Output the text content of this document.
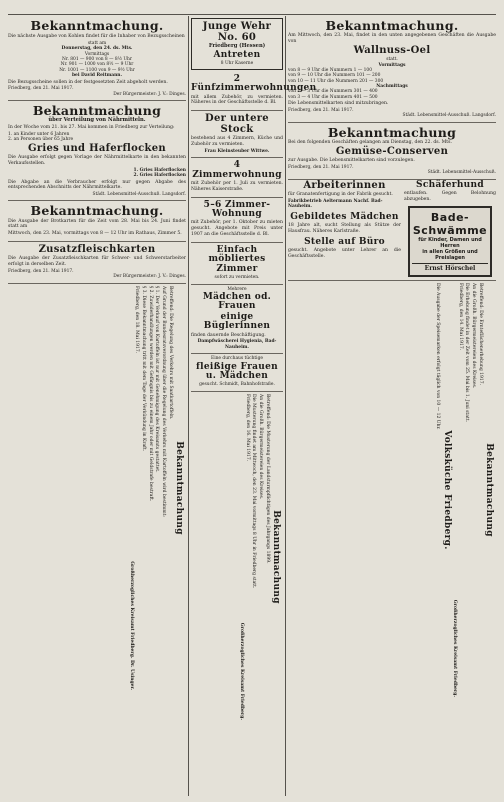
Bekanntmachung.

Die nächste Ausgabe von Kohlen findet für die Inhaber von Bezugsscheinen

statt am

Donnerstag, den 24. ds. Mts.

Vormittags

Nr. 801 — 900 von 8 — 8½ Uhr

Nr. 901 — 1000 von 8½ — 9 Uhr

Nr. 1001 — 1100 von 9 — 9½ Uhr

bei David Reitmann.

Die Bezugsscheine sollen in der festgesetzten Zeit abgeholt werden.

Friedberg, den 21. Mai 1917.

Der Bürgermeister: J. V.: Dinges.

Bekanntmachung
über Verteilung von Nährmitteln.

In der Woche vom 21. bis 27. Mai kommen in Friedberg zur Verteilung:

1. an Kinder unter 6 Jahren

2. an Personen über 65 Jahre

Gries und Haferflocken

Die Ausgabe erfolgt gegen Vorlage der Nährmittelkarte in den bekannten Verkaufsstellen.

1. Gries Haferflocken

2. Gries Haferflocken

Die Abgabe an die Verbraucher erfolgt nur gegen Abgabe des entsprechenden Abschnitts der Nährmittelkarte.

Städt. Lebensmittel-Ausschuß. Langsdorf.

Bekanntmachung.

Die Ausgabe der Brotkarten für die Zeit vom 28. Mai bis 24. Juni findet statt am

Mittwoch, den 23. Mai, vormittags von 8 — 12 Uhr im Rathaus, Zimmer 5.

Zusatzfleischkarten

Die Ausgabe der Zusatzfleischkarten für Schwer- und Schwerstarbeiter erfolgt in derselben Zeit.

Friedberg, den 21. Mai 1917.

Der Bürgermeister: J. V.: Dinges.

Bekanntmachung

Betreffend: Die Regelung des Verkehrs mit Saatkartoffeln.

Auf Grund der Bundesratsverordnung über die Regelung des Verkehrs mit Kartoffeln wird bestimmt:

§ 1. Der Verkauf von Kartoffeln ist nur mit Genehmigung des Kreisamts gestattet.

§ 2. Zuwiderhandlungen werden mit Gefängnis bis zu einem Jahr oder mit Geldstrafe bestraft.

§ 3. Diese Bekanntmachung tritt mit dem Tage der Verkündung in Kraft.

Friedberg, den 18. Mai 1917.

Großherzogliches Kreisamt Friedberg. Dr. Usinger.

Junge Wehr No. 60
Friedberg (Hessen)
Antreten

8 Uhr Kaserne

2 Fünfzimmerwohnungen

mit allem Zubehör, zu vermieten. Näheres in der Geschäftsstelle d. Bl.

Der untere Stock

bestehend aus 4 Zimmern, Küche und Zubehör zu vermieten.

Frau Kleinsteuber Wittwe.

4 Zimmerwohnung

mit Zubehör per 1. Juli zu vermieten. Näheres Kaiserstraße.

5–6 Zimmer-Wohnung

mit Zubehör, per 1. Oktober zu mieten gesucht. Angebote mit Preis unter 1907 an die Geschäftsstelle d. Bl.

Einfach möbliertes Zimmer

sofort zu vermieten.

Mehrere

Mädchen od. Frauen
einige Büglerinnen

finden dauernde Beschäftigung.

Dampfwäscherei Hygienia, Bad-Nauheim.

Eine durchaus tüchtige

fleißige Frauen u. Mädchen

gesucht. Schmidt, Bahnhofstraße.

Bekanntmachung

Betreffend: Die Musterung der Landsturmpflichtigen des Jahrgangs 1899.

An die Großh. Bürgermeistereien des Kreises.

Die Musterung findet am Mittwoch, den 23. Mai vormittags 8 Uhr in Friedberg statt.

Friedberg, den 16. Mai 1917.

Großherzogliches Kreisamt Friedberg.

Bekanntmachung.

Am Mittwoch, den 23. Mai, findet in den unten angegebenen Geschäften die Ausgabe von

Wallnuss-Oel

statt.

Vormittags

von 8 — 9 Uhr die Nummern 1 — 100

von 9 — 10 Uhr die Nummern 101 — 200

von 10 — 11 Uhr die Nummern 201 — 300

Nachmittags

von 2 — 3 Uhr die Nummern 301 — 400

von 3 — 4 Uhr die Nummern 401 — 500

Die Lebensmittelkarten sind mitzubringen.

Friedberg, den 21. Mai 1917.

Städt. Lebensmittel-Ausschuß. Langsdorf.

Bekanntmachung

Bei den folgenden Geschäften gelangen am Dienstag, den 22. ds. Mts.

Gemüse-Conserven

zur Ausgabe. Die Lebensmittelkarten sind vorzulegen.

Friedberg, den 21. Mai 1917.

Städt. Lebensmittel-Ausschuß.

Arbeiterinnen

für Granatenfertigung in der Fabrik gesucht.

Fabrikbetrieb Aeltermann Nachf. Bad-Nauheim.

Gebildetes Mädchen

18 Jahre alt, sucht Stellung als Stütze der Hausfrau. Näheres Karlstraße.

Stelle auf Büro

gesucht. Angebote unter Lehrer an die Geschäftsstelle.

Schäferhund

entlaufen. Gegen Belohnung abzugeben.

Bade-Schwämme
für Kinder, Damen und Herren
in allen Größen und Preislagen
Ernst Hörschel
Bekanntmachung

Betreffend: Die Ernteflächenerhebung 1917.

An die Großh. Bürgermeistereien des Kreises.

Die Erhebung findet in der Zeit vom 25. Mai bis 1. Juni statt.

Friedberg, den 14. Mai 1917.

Großherzogliches Kreisamt Friedberg.

Volksküche Friedberg.

Die Ausgabe der Speisemarken erfolgt täglich von 10 — 12 Uhr.
